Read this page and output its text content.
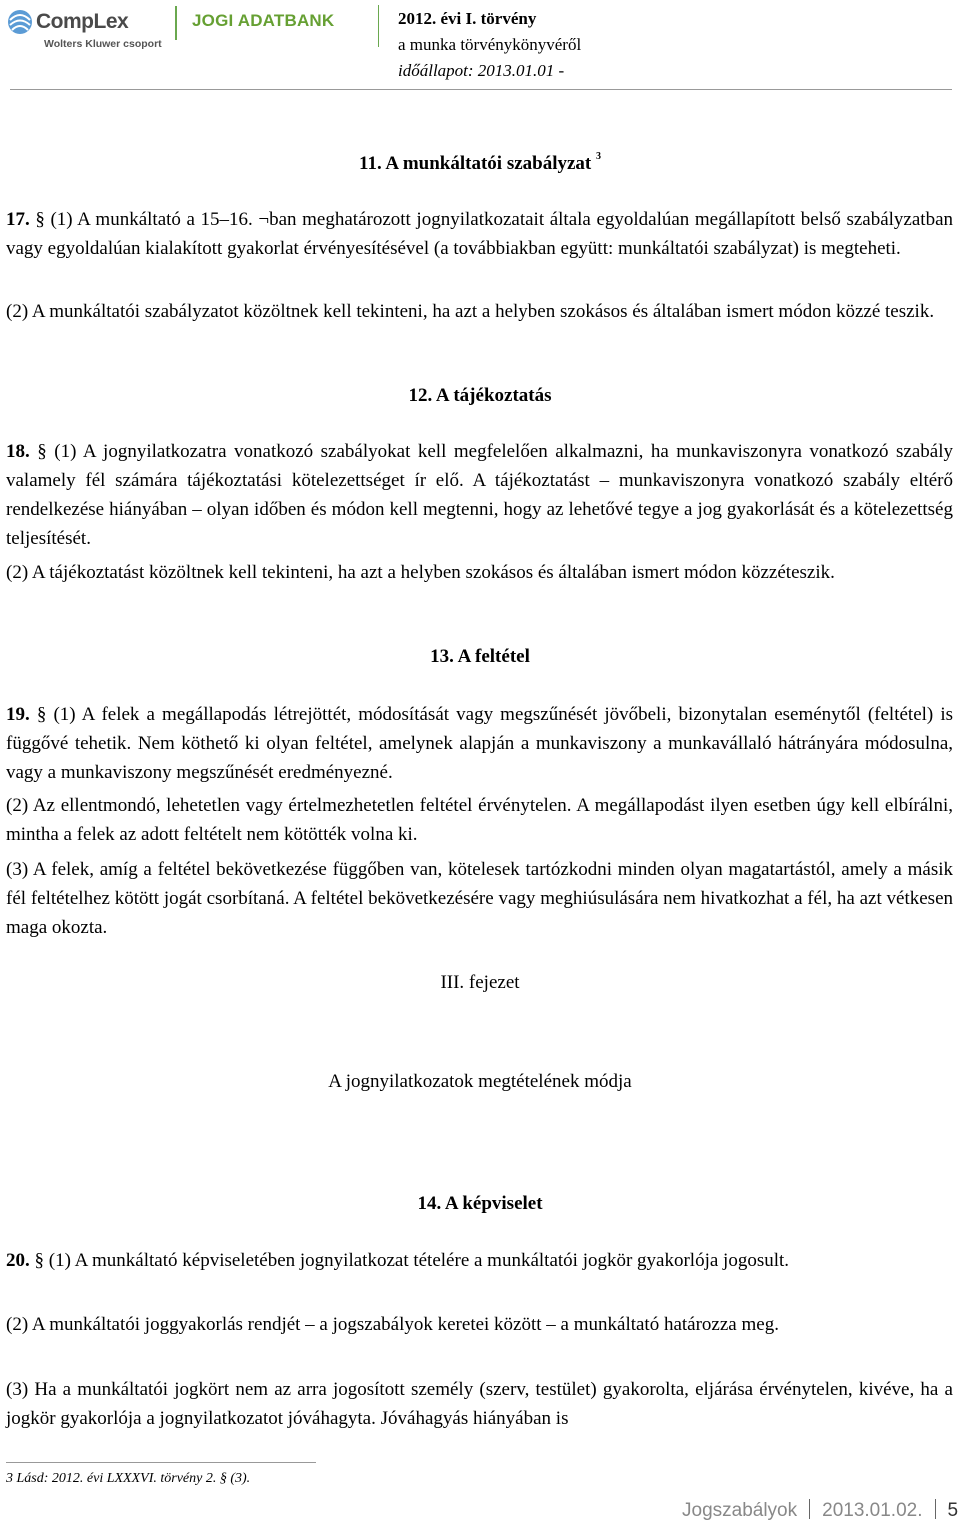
CompLex
Wolters Kluwer csoport
JOGI ADATBANK	2012. évi I. törvény
a munka törvénykönyvéről
időállapot: 2013.01.01 -
11. A munkáltatói szabályzat $^3$
17. § (1) A munkáltató a 15–16. ¬ban meghatározott jognyilatkozatait általa egyoldalúan megállapított belső szabályzatban vagy egyoldalúan kialakított gyakorlat érvényesítésével (a továbbiakban együtt: munkáltatói szabályzat) is megteheti.
(2) A munkáltatói szabályzatot közöltnek kell tekinteni, ha azt a helyben szokásos és általában ismert módon közzé teszik.
12. A tájékoztatás
18. § (1) A jognyilatkozatra vonatkozó szabályokat kell megfelelően alkalmazni, ha munkaviszonyra vonatkozó szabály valamely fél számára tájékoztatási kötelezettséget ír elő. A tájékoztatást – munkaviszonyra vonatkozó szabály eltérő rendelkezése hiányában – olyan időben és módon kell megtenni, hogy az lehetővé tegye a jog gyakorlását és a kötelezettség teljesítését.
(2) A tájékoztatást közöltnek kell tekinteni, ha azt a helyben szokásos és általában ismert módon közzéteszik.
13. A feltétel
19. § (1) A felek a megállapodás létrejöttét, módosítását vagy megszűnését jövőbeli, bizonytalan eseménytől (feltétel) is függővé tehetik. Nem köthető ki olyan feltétel, amelynek alapján a munkaviszony a munkavállaló hátrányára módosulna, vagy a munkaviszony megszűnését eredményezné.
(2) Az ellentmondó, lehetetlen vagy értelmezhetetlen feltétel érvénytelen. A megállapodást ilyen esetben úgy kell elbírálni, mintha a felek az adott feltételt nem kötötték volna ki.
(3) A felek, amíg a feltétel bekövetkezése függőben van, kötelesek tartózkodni minden olyan magatartástól, amely a másik fél feltételhez kötött jogát csorbítaná. A feltétel bekövetkezésére vagy meghiúsulására nem hivatkozhat a fél, ha azt vétkesen maga okozta.
III. fejezet
A jognyilatkozatok megtételének módja
14. A képviselet
20. § (1) A munkáltató képviseletében jognyilatkozat tételére a munkáltatói jogkör gyakorlója jogosult.
(2) A munkáltatói joggyakorlás rendjét – a jogszabályok keretei között – a munkáltató határozza meg.
(3) Ha a munkáltatói jogkört nem az arra jogosított személy (szerv, testület) gyakorolta, eljárása érvénytelen, kivéve, ha a jogkör gyakorlója a jognyilatkozatot jóváhagyta. Jóváhagyás hiányában is
3 Lásd: 2012. évi LXXXVI. törvény 2. § (3).
Jogszabályok 2013.01.02. 5
